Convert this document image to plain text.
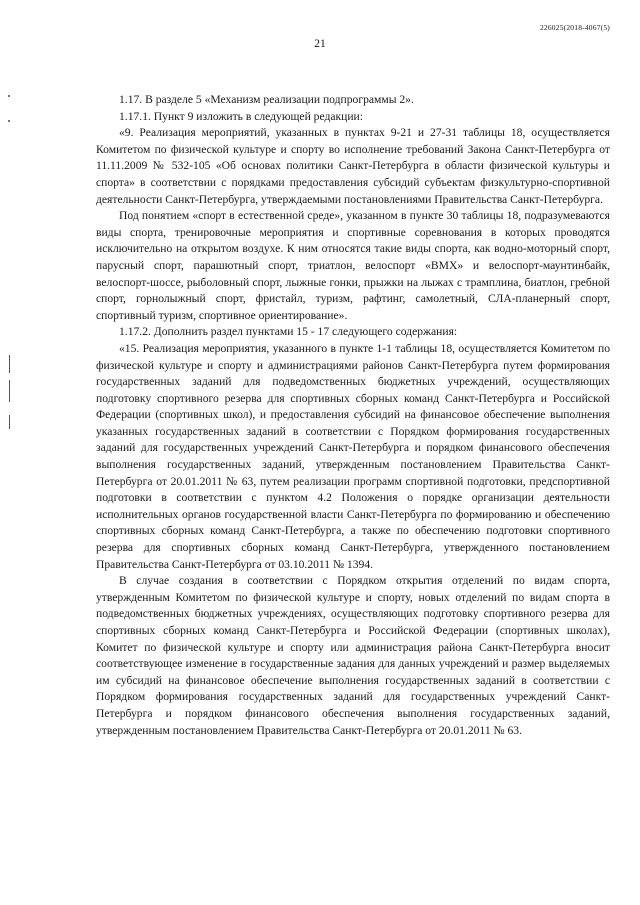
226025(2018-4067(5)
21

1.17. В разделе 5 «Механизм реализации подпрограммы 2».

1.17.1. Пункт 9 изложить в следующей редакции:

«9. Реализация мероприятий, указанных в пунктах 9-21 и 27-31 таблицы 18, осуществляется Комитетом по физической культуре и спорту во исполнение требований Закона Санкт-Петербурга от 11.11.2009 № 532-105 «Об основах политики Санкт-Петербурга в области физической культуры и спорта» в соответствии с порядками предоставления субсидий субъектам физкультурно-спортивной деятельности Санкт-Петербурга, утверждаемыми постановлениями Правительства Санкт-Петербурга.

Под понятием «спорт в естественной среде», указанном в пункте 30 таблицы 18, подразумеваются виды спорта, тренировочные мероприятия и спортивные соревнования в которых проводятся исключительно на открытом воздухе. К ним относятся такие виды спорта, как водно-моторный спорт, парусный спорт, парашютный спорт, триатлон, велоспорт «BMX» и велоспорт-маунтинбайк, велоспорт-шоссе, рыболовный спорт, лыжные гонки, прыжки на лыжах с трамплина, биатлон, гребной спорт, горнолыжный спорт, фристайл, туризм, рафтинг, самолетный, СЛА-планерный спорт, спортивный туризм, спортивное ориентирование».

1.17.2. Дополнить раздел пунктами 15 - 17 следующего содержания:

«15. Реализация мероприятия, указанного в пункте 1-1 таблицы 18, осуществляется Комитетом по физической культуре и спорту и администрациями районов Санкт-Петербурга путем формирования государственных заданий для подведомственных бюджетных учреждений, осуществляющих подготовку спортивного резерва для спортивных сборных команд Санкт-Петербурга и Российской Федерации (спортивных школ), и предоставления субсидий на финансовое обеспечение выполнения указанных государственных заданий в соответствии с Порядком формирования государственных заданий для государственных учреждений Санкт-Петербурга и порядком финансового обеспечения выполнения государственных заданий, утвержденным постановлением Правительства Санкт-Петербурга от 20.01.2011 № 63, путем реализации программ спортивной подготовки, предспортивной подготовки в соответствии с пунктом 4.2 Положения о порядке организации деятельности исполнительных органов государственной власти Санкт-Петербурга по формированию и обеспечению спортивных сборных команд Санкт-Петербурга, а также по обеспечению подготовки спортивного резерва для спортивных сборных команд Санкт-Петербурга, утвержденного постановлением Правительства Санкт-Петербурга от 03.10.2011 № 1394.

В случае создания в соответствии с Порядком открытия отделений по видам спорта, утвержденным Комитетом по физической культуре и спорту, новых отделений по видам спорта в подведомственных бюджетных учреждениях, осуществляющих подготовку спортивного резерва для спортивных сборных команд Санкт-Петербурга и Российской Федерации (спортивных школах), Комитет по физической культуре и спорту или администрация района Санкт-Петербурга вносит соответствующее изменение в государственные задания для данных учреждений и размер выделяемых им субсидий на финансовое обеспечение выполнения государственных заданий в соответствии с Порядком формирования государственных заданий для государственных учреждений Санкт-Петербурга и порядком финансового обеспечения выполнения государственных заданий, утвержденным постановлением Правительства Санкт-Петербурга от 20.01.2011 № 63.
